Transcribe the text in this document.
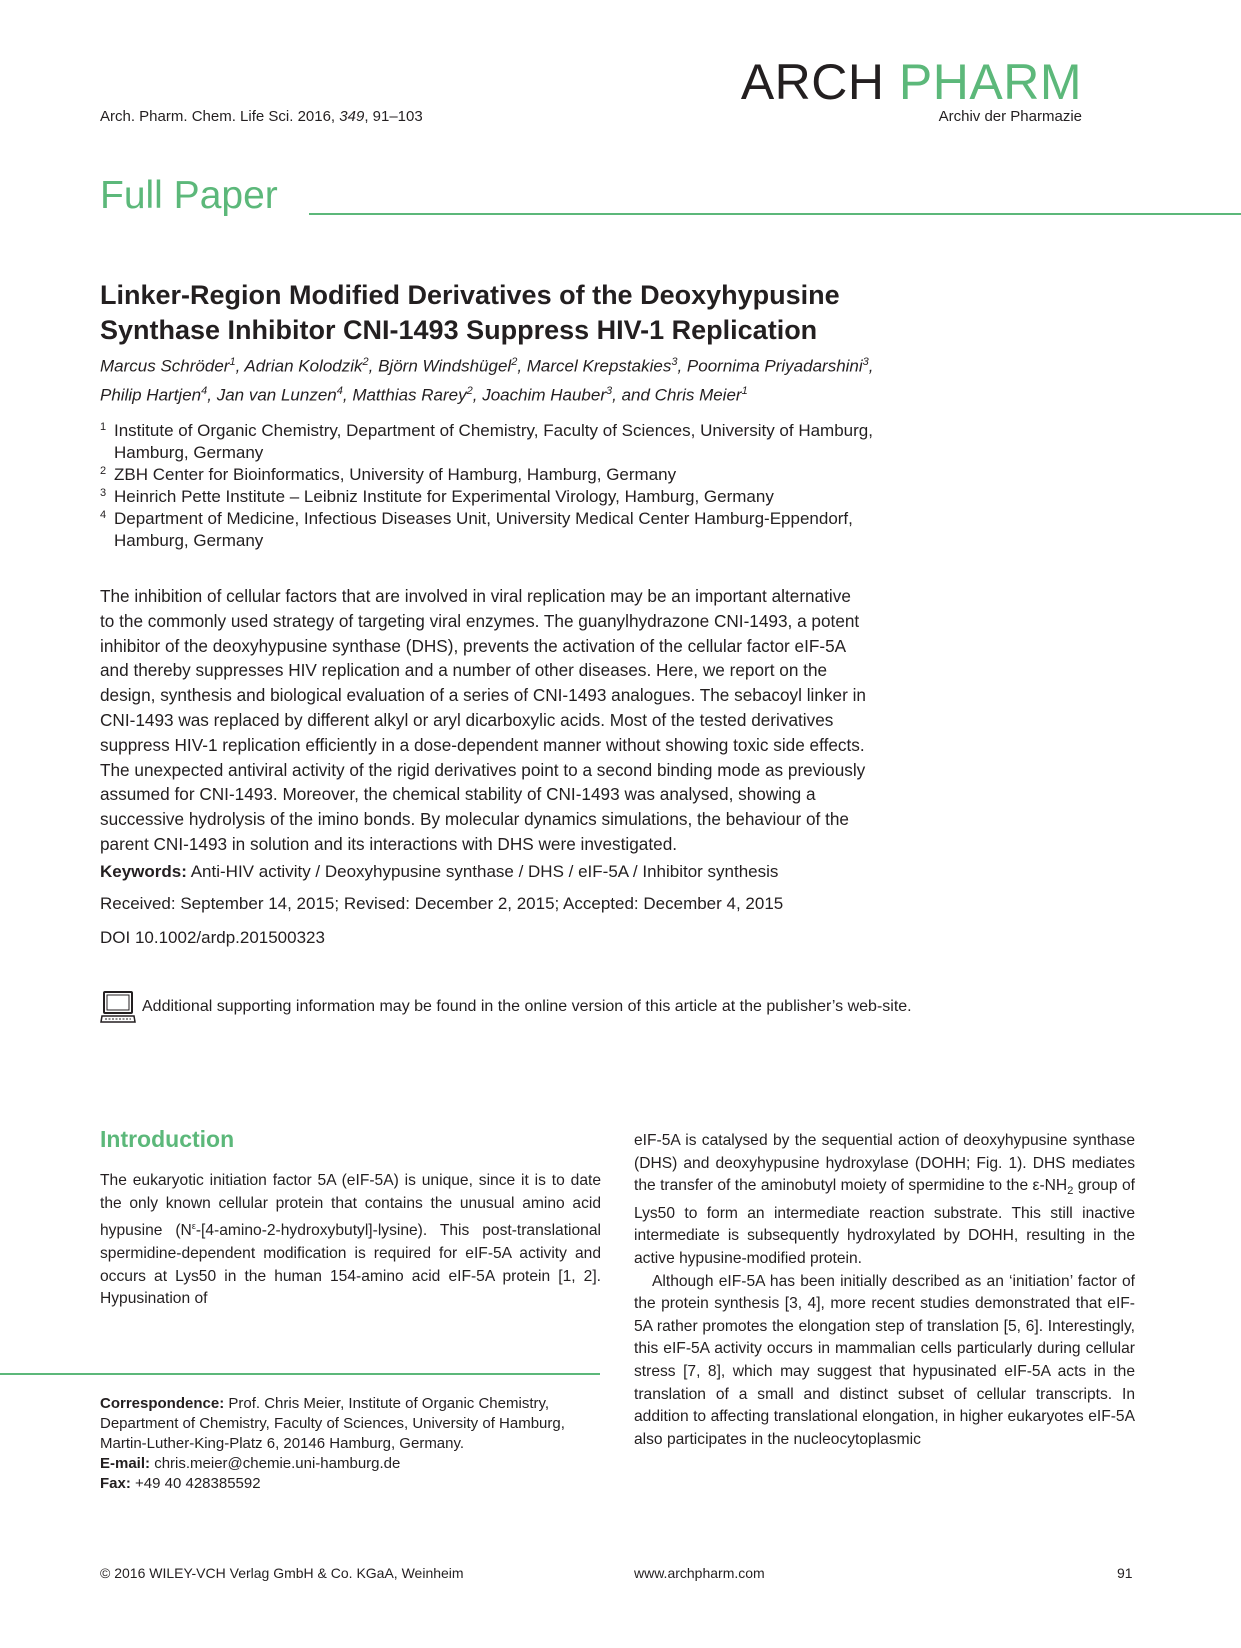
Arch. Pharm. Chem. Life Sci. 2016, 349, 91–103
ARCH PHARM
Archiv der Pharmazie
Full Paper
Linker-Region Modified Derivatives of the Deoxyhypusine
Synthase Inhibitor CNI-1493 Suppress HIV-1 Replication
Marcus Schröder$^1$, Adrian Kolodzik$^2$, Björn Windshügel$^2$, Marcel Krepstakies$^3$, Poornima Priyadarshini$^3$,
Philip Hartjen$^4$, Jan van Lunzen$^4$, Matthias Rarey$^2$, Joachim Hauber$^3$, and Chris Meier$^1$
1 Institute of Organic Chemistry, Department of Chemistry, Faculty of Sciences, University of Hamburg,
Hamburg, Germany
2 ZBH Center for Bioinformatics, University of Hamburg, Hamburg, Germany
3 Heinrich Pette Institute – Leibniz Institute for Experimental Virology, Hamburg, Germany
4 Department of Medicine, Infectious Diseases Unit, University Medical Center Hamburg-Eppendorf,
Hamburg, Germany
The inhibition of cellular factors that are involved in viral replication may be an important alternative
to the commonly used strategy of targeting viral enzymes. The guanylhydrazone CNI-1493, a potent
inhibitor of the deoxyhypusine synthase (DHS), prevents the activation of the cellular factor eIF-5A
and thereby suppresses HIV replication and a number of other diseases. Here, we report on the
design, synthesis and biological evaluation of a series of CNI-1493 analogues. The sebacoyl linker in
CNI-1493 was replaced by different alkyl or aryl dicarboxylic acids. Most of the tested derivatives
suppress HIV-1 replication efficiently in a dose-dependent manner without showing toxic side effects.
The unexpected antiviral activity of the rigid derivatives point to a second binding mode as previously
assumed for CNI-1493. Moreover, the chemical stability of CNI-1493 was analysed, showing a
successive hydrolysis of the imino bonds. By molecular dynamics simulations, the behaviour of the
parent CNI-1493 in solution and its interactions with DHS were investigated.
Keywords: Anti-HIV activity / Deoxyhypusine synthase / DHS / eIF-5A / Inhibitor synthesis
Received: September 14, 2015; Revised: December 2, 2015; Accepted: December 4, 2015
DOI 10.1002/ardp.201500323
Additional supporting information may be found in the online version of this article at the publisher’s web-site.
Introduction

The eukaryotic initiation factor 5A (eIF-5A) is unique, since it is to date the only known cellular protein that contains the unusual amino acid hypusine $(N^\varepsilon-[4-amino-2-hydroxybutyl]-lysine)$. This post-translational spermidine-dependent modification is required for eIF-5A activity and occurs at Lys50 in the human 154-amino acid eIF-5A protein [1, 2]. Hypusination of

eIF-5A is catalysed by the sequential action of deoxyhypusine synthase (DHS) and deoxyhypusine hydroxylase (DOHH; Fig. 1). DHS mediates the transfer of the aminobutyl moiety of spermidine to the $\varepsilon-NH_2$ group of Lys50 to form an intermediate reaction substrate. This still inactive intermediate is subsequently hydroxylated by DOHH, resulting in the active hypusine-modified protein.

Although eIF-5A has been initially described as an ‘initiation’ factor of the protein synthesis [3, 4], more recent studies demonstrated that eIF-5A rather promotes the elongation step of translation [5, 6]. Interestingly, this eIF-5A activity occurs in mammalian cells particularly during cellular stress [7, 8], which may suggest that hypusinated eIF-5A acts in the translation of a small and distinct subset of cellular transcripts. In addition to affecting translational elongation, in higher eukaryotes eIF-5A also participates in the nucleocytoplasmic

Correspondence: Prof. Chris Meier, Institute of Organic Chemistry, Department of Chemistry, Faculty of Sciences, University of Hamburg, Martin-Luther-King-Platz 6, 20146 Hamburg, Germany.
E-mail: chris.meier@chemie.uni-hamburg.de
Fax: +49 40 428385592
© 2016 WILEY-VCH Verlag GmbH & Co. KGaA, Weinheim	www.archpharm.com	91
